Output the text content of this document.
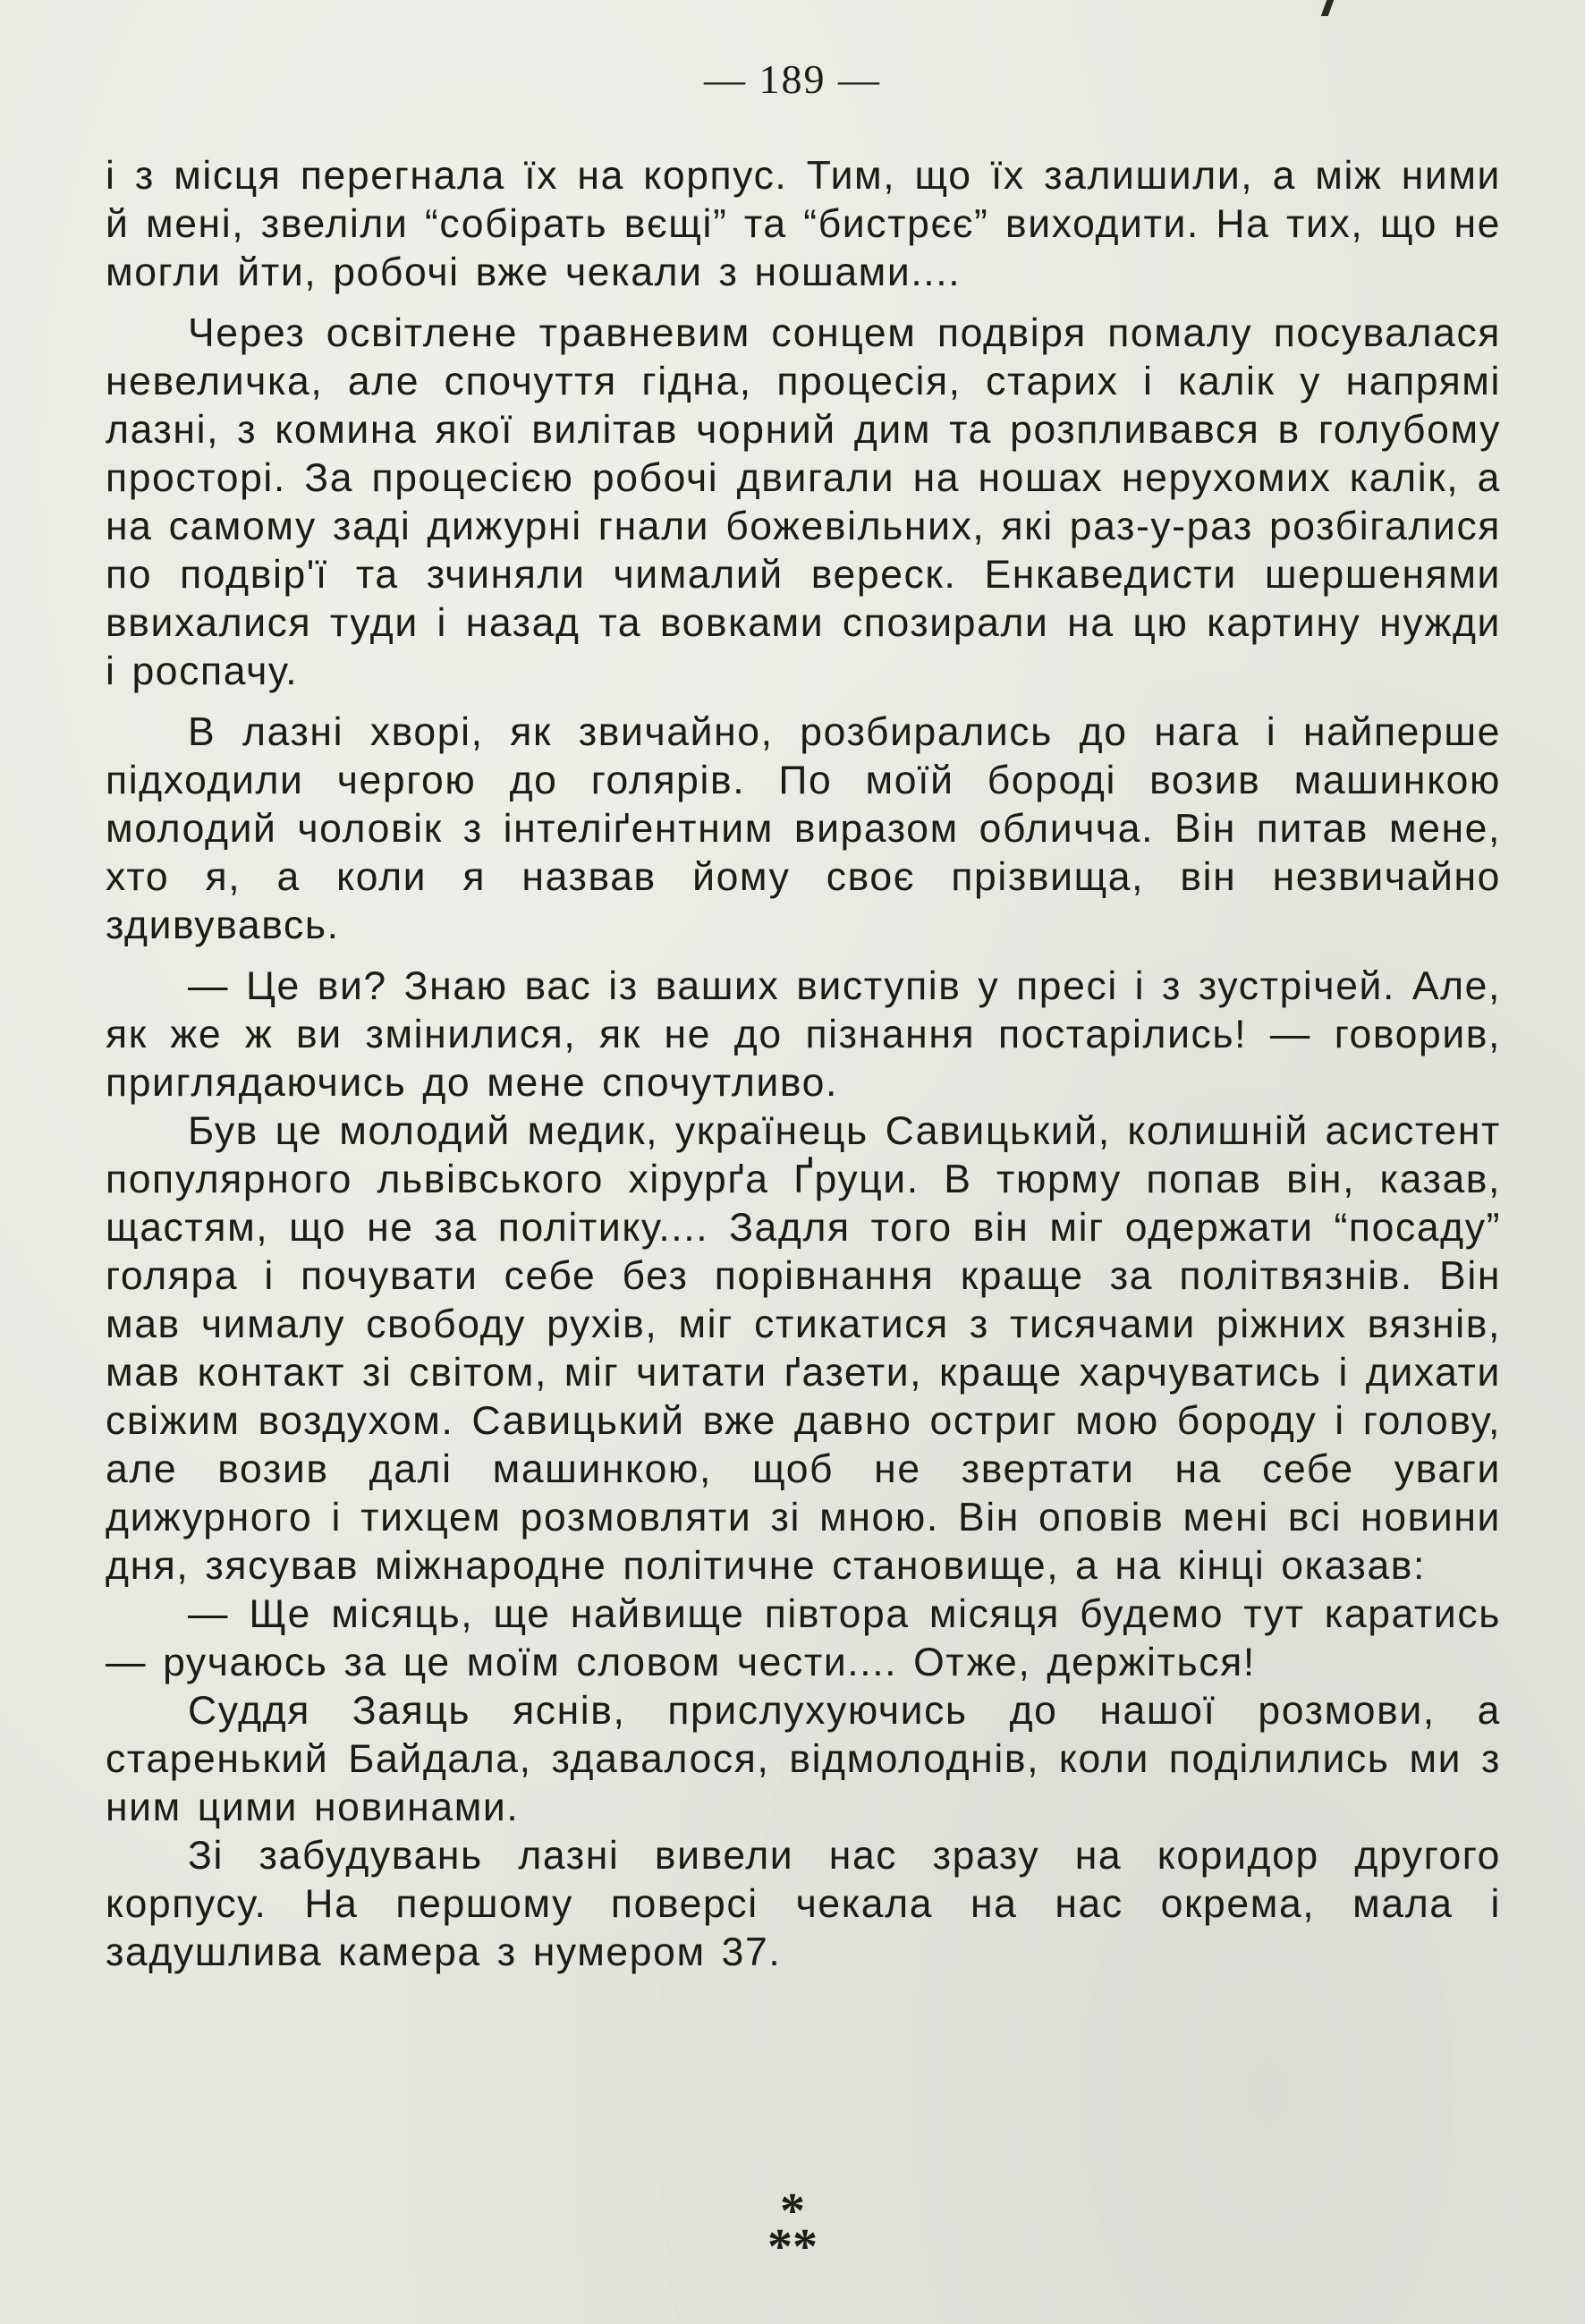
— 189 —

і з місця перегнала їх на корпус. Тим, що їх залишили, а між ними й мені, звеліли “собірать вєщі” та “бистрєє” виходити. На тих, що не могли йти, робочі вже чекали з ношами....

Через освітлене травневим сонцем подвіря помалу посувалася невеличка, але спочуття гідна, процесія, старих і калік у напрямі лазні, з комина якої вилітав чорний дим та розпливався в голубому просторі. За процесією робочі двигали на ношах нерухомих калік, а на самому заді дижурні гнали божевільних, які раз-у-раз розбігалися по подвір'ї та зчиняли чималий вереск. Енкаведисти шершенями ввихалися туди і назад та вовками спозирали на цю картину нужди і роспачу.

В лазні хворі, як звичайно, розбирались до нага і найперше підходили чергою до голярів. По моїй бороді возив машинкою молодий чоловік з інтеліґентним виразом обличча. Він питав мене, хто я, а коли я назвав йому своє прізвища, він незвичайно здивувавсь.

— Це ви? Знаю вас із ваших виступів у пресі і з зустрічей. Але, як же ж ви змінилися, як не до пізнання постарілись! — говорив, приглядаючись до мене спочутливо.

Був це молодий медик, українець Савицький, колишній асистент популярного львівського хірурґа Ґруци. В тюрму попав він, казав, щастям, що не за політику.... Задля того він міг одержати “посаду” голяра і почувати себе без порівнання краще за політвязнів. Він мав чималу свободу рухів, міг стикатися з тисячами ріжних вязнів, мав контакт зі світом, міг читати ґазети, краще харчуватись і дихати свіжим воздухом. Савицький вже давно остриг мою бороду і голову, але возив далі машинкою, щоб не звертати на себе уваги дижурного і тихцем розмовляти зі мною. Він оповів мені всі новини дня, зясував міжнародне політичне становище, а на кінці оказав:

— Ще місяць, ще найвище півтора місяця будемо тут каратись — ручаюсь за це моїм словом чести.... Отже, держіться!

Суддя Заяць яснів, прислухуючись до нашої розмови, а старенький Байдала, здавалося, відмолоднів, коли поділились ми з ним цими новинами.

Зі забудувань лазні вивели нас зразу на коридор другого корпусу. На першому поверсі чекала на нас окрема, мала і задушлива камера з нумером 37.

*
**
